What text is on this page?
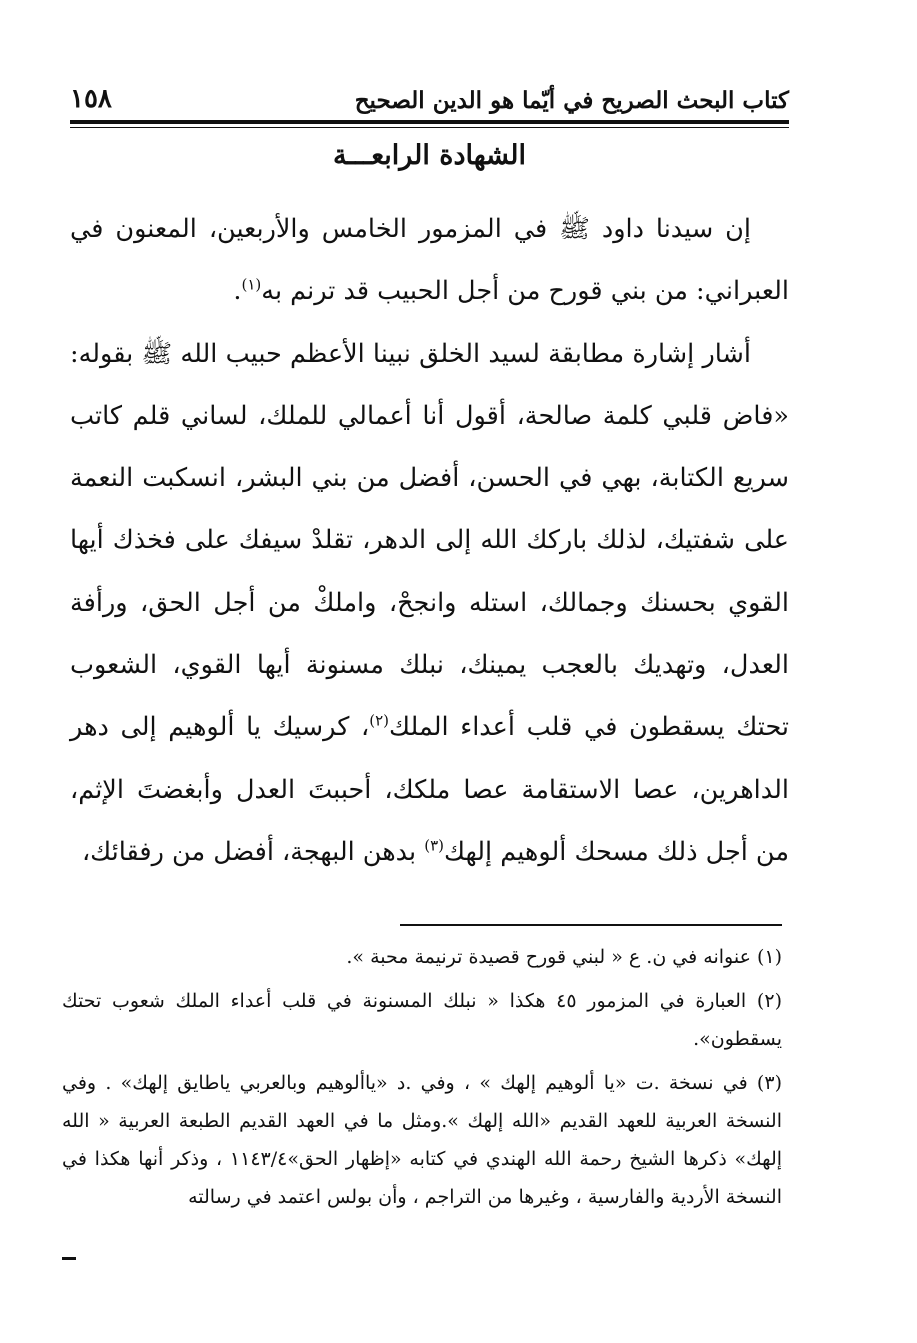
كتاب البحث الصريح في أيّما هو الدين الصحيح
١٥٨
الشهادة الرابعـــة

إن سيدنا داود ﷺ في المزمور الخامس والأربعين، المعنون في العبراني: من بني قورح من أجل الحبيب قد ترنم به$^{(١)}$.

أشار إشارة مطابقة لسيد الخلق نبينا الأعظم حبيب الله ﷺ بقوله: «فاض قلبي كلمة صالحة، أقول أنا أعمالي للملك، لساني قلم كاتب سريع الكتابة، بهي في الحسن، أفضل من بني البشر، انسكبت النعمة على شفتيك، لذلك باركك الله إلى الدهر، تقلدْ سيفك على فخذك أيها القوي بحسنك وجمالك، استله وانجحْ، واملكْ من أجل الحق، ورأفة العدل، وتهديك بالعجب يمينك، نبلك مسنونة أيها القوي، الشعوب تحتك يسقطون في قلب أعداء الملك$^{(٢)}$، كرسيك يا ألوهيم إلى دهر الداهرين، عصا الاستقامة عصا ملكك، أحببتَ العدل وأبغضتَ الإثم، من أجل ذلك مسحك ألوهيم إلهك$^{(٣)}$ بدهن البهجة، أفضل من رفقائك،

(١) عنوانه في ن. ع « لبني قورح قصيدة ترنيمة محبة ».

(٢) العبارة في المزمور ٤٥ هكذا « نبلك المسنونة في قلب أعداء الملك شعوب تحتك يسقطون».

(٣) في نسخة .ت «يا ألوهيم إلهك » ، وفي .د «ياألوهيم وبالعربي ياطايق إلهك» . وفي النسخة العربية للعهد القديم «الله إلهك ».ومثل ما في العهد القديم الطبعة العربية « الله إلهك» ذكرها الشيخ رحمة الله الهندي في كتابه «إظهار الحق»١١٤٣/٤ ، وذكر أنها هكذا في النسخة الأردية والفارسية ، وغيرها من التراجم ، وأن بولس اعتمد في رسالته
